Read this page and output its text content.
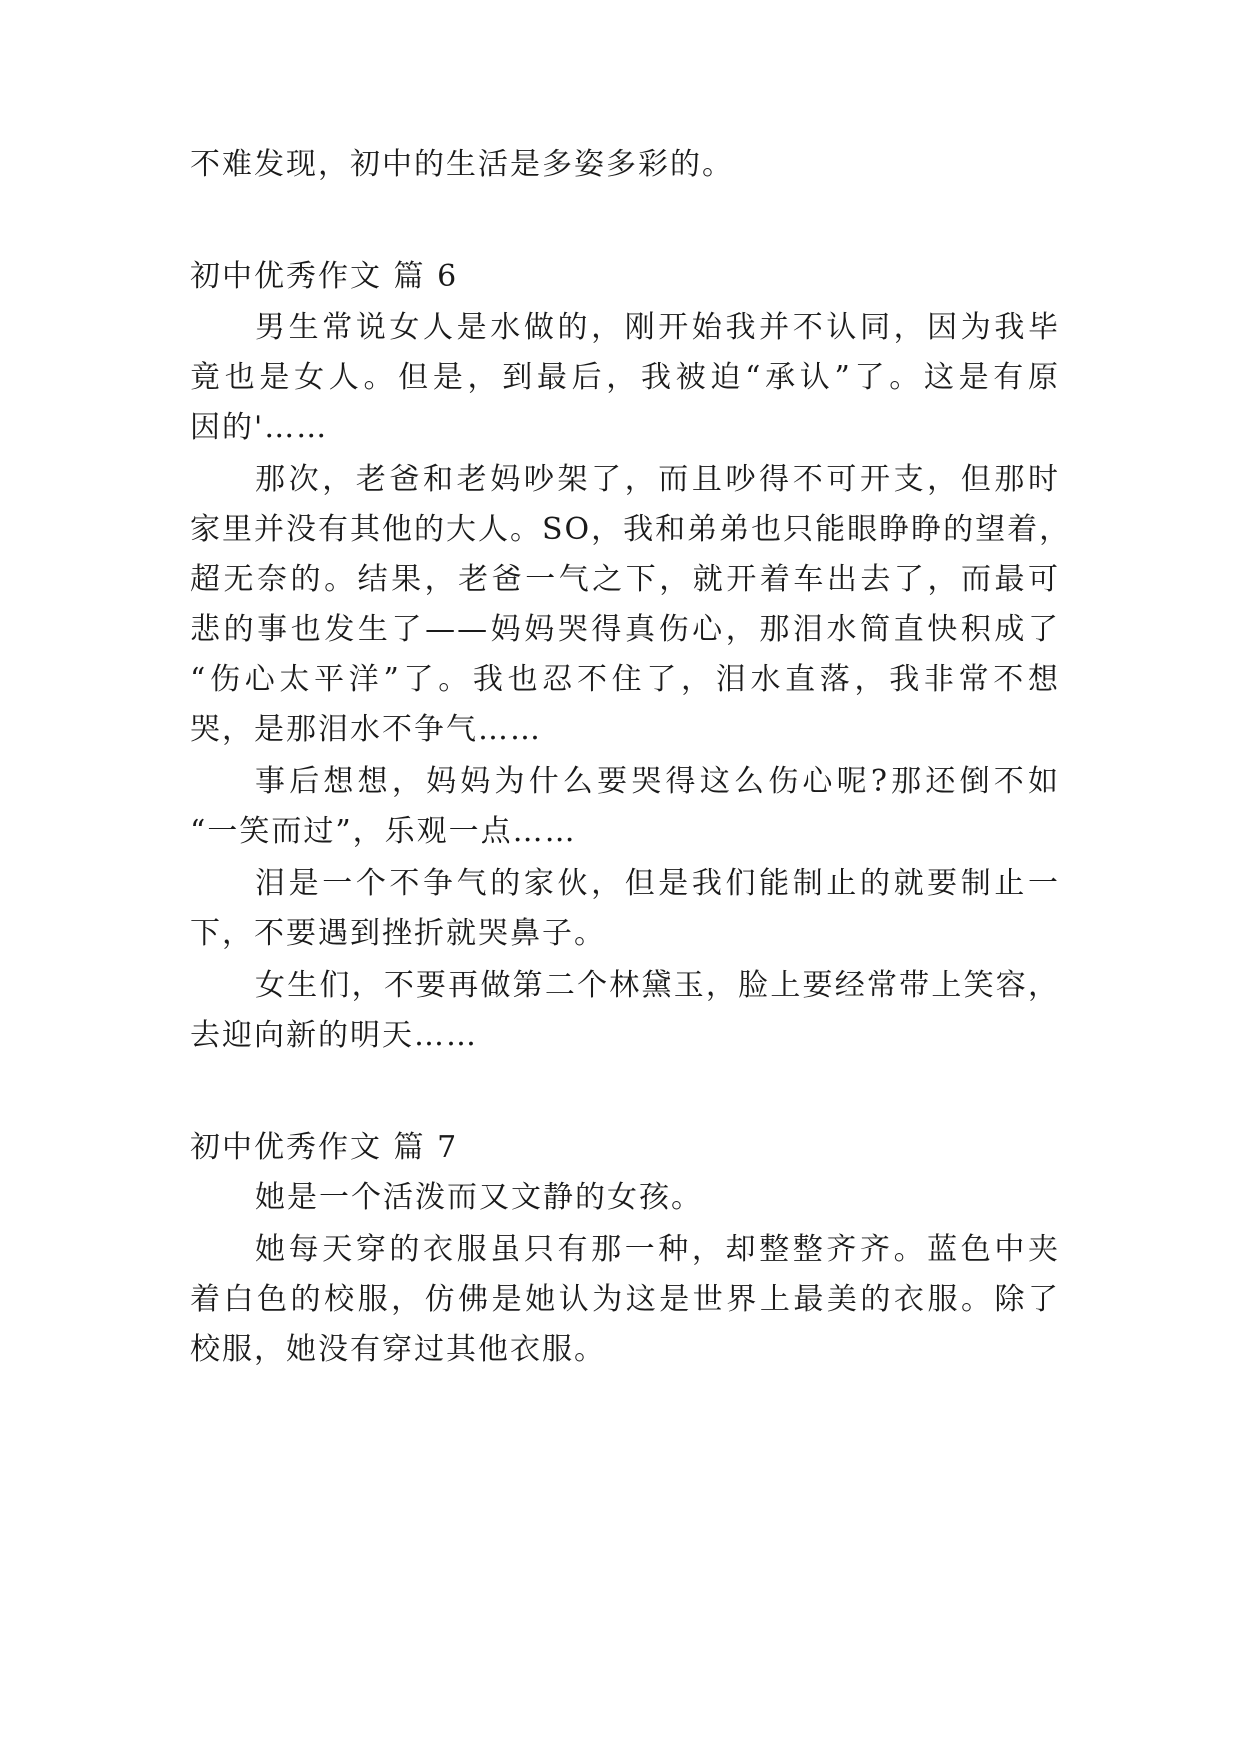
不难发现，初中的生活是多姿多彩的。
初中优秀作文 篇 6
男生常说女人是水做的，刚开始我并不认同，因为我毕
竟也是女人。但是，到最后，我被迫“承认”了。这是有原
因的'……
那次，老爸和老妈吵架了，而且吵得不可开支，但那时
家里并没有其他的大人。SO，我和弟弟也只能眼睁睁的望着，
超无奈的。结果，老爸一气之下，就开着车出去了，而最可
悲的事也发生了——妈妈哭得真伤心，那泪水简直快积成了
“伤心太平洋”了。我也忍不住了，泪水直落，我非常不想
哭，是那泪水不争气……
事后想想，妈妈为什么要哭得这么伤心呢?那还倒不如
“一笑而过”，乐观一点……
泪是一个不争气的家伙，但是我们能制止的就要制止一
下，不要遇到挫折就哭鼻子。
女生们，不要再做第二个林黛玉，脸上要经常带上笑容，
去迎向新的明天……
初中优秀作文 篇 7
她是一个活泼而又文静的女孩。
她每天穿的衣服虽只有那一种，却整整齐齐。蓝色中夹
着白色的校服，仿佛是她认为这是世界上最美的衣服。除了
校服，她没有穿过其他衣服。
